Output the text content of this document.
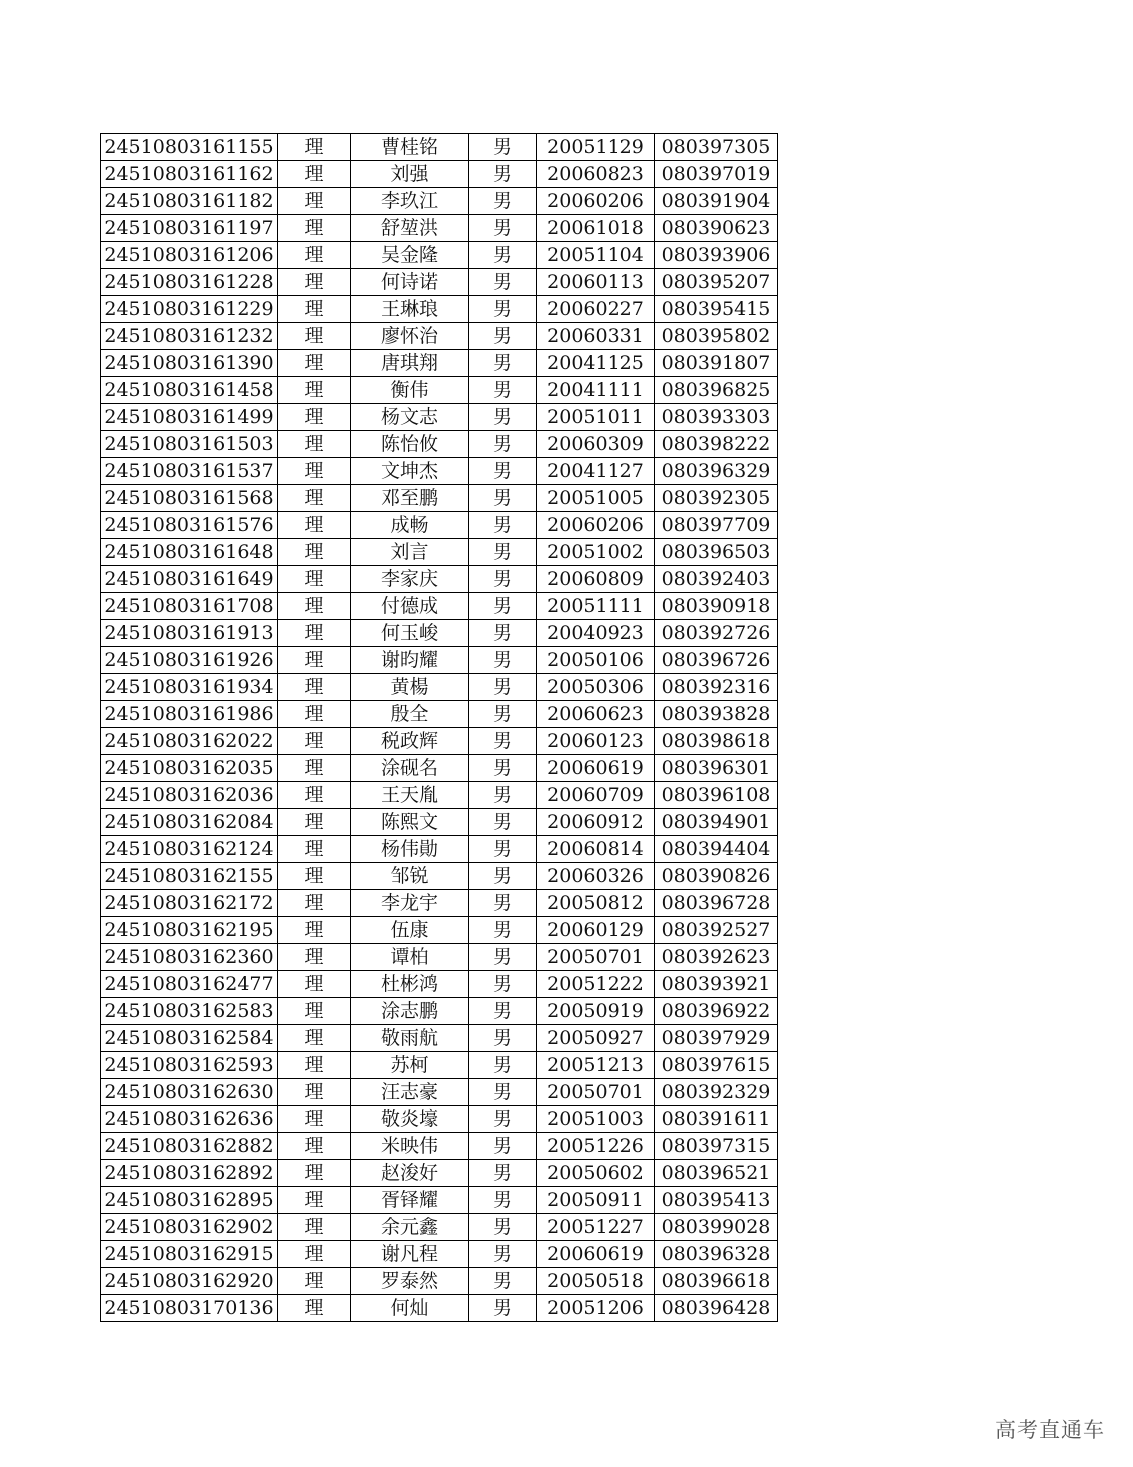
24510803161155	理	曹桂铭	男	20051129	080397305
24510803161162	理	刘强	男	20060823	080397019
24510803161182	理	李玖江	男	20060206	080391904
24510803161197	理	舒堃洪	男	20061018	080390623
24510803161206	理	吴金隆	男	20051104	080393906
24510803161228	理	何诗诺	男	20060113	080395207
24510803161229	理	王琳琅	男	20060227	080395415
24510803161232	理	廖怀治	男	20060331	080395802
24510803161390	理	唐琪翔	男	20041125	080391807
24510803161458	理	衡伟	男	20041111	080396825
24510803161499	理	杨文志	男	20051011	080393303
24510803161503	理	陈怡攸	男	20060309	080398222
24510803161537	理	文坤杰	男	20041127	080396329
24510803161568	理	邓至鹏	男	20051005	080392305
24510803161576	理	成畅	男	20060206	080397709
24510803161648	理	刘言	男	20051002	080396503
24510803161649	理	李家庆	男	20060809	080392403
24510803161708	理	付德成	男	20051111	080390918
24510803161913	理	何玉峻	男	20040923	080392726
24510803161926	理	谢昀耀	男	20050106	080396726
24510803161934	理	黄楊	男	20050306	080392316
24510803161986	理	殷全	男	20060623	080393828
24510803162022	理	税政辉	男	20060123	080398618
24510803162035	理	涂砚名	男	20060619	080396301
24510803162036	理	王天胤	男	20060709	080396108
24510803162084	理	陈熙文	男	20060912	080394901
24510803162124	理	杨伟勛	男	20060814	080394404
24510803162155	理	邹锐	男	20060326	080390826
24510803162172	理	李龙宇	男	20050812	080396728
24510803162195	理	伍康	男	20060129	080392527
24510803162360	理	谭柏	男	20050701	080392623
24510803162477	理	杜彬鸿	男	20051222	080393921
24510803162583	理	涂志鹏	男	20050919	080396922
24510803162584	理	敬雨航	男	20050927	080397929
24510803162593	理	苏柯	男	20051213	080397615
24510803162630	理	汪志豪	男	20050701	080392329
24510803162636	理	敬炎壕	男	20051003	080391611
24510803162882	理	米映伟	男	20051226	080397315
24510803162892	理	赵浚好	男	20050602	080396521
24510803162895	理	胥铎耀	男	20050911	080395413
24510803162902	理	余元鑫	男	20051227	080399028
24510803162915	理	谢凡程	男	20060619	080396328
24510803162920	理	罗泰然	男	20050518	080396618
24510803170136	理	何灿	男	20051206	080396428
高考直通车
